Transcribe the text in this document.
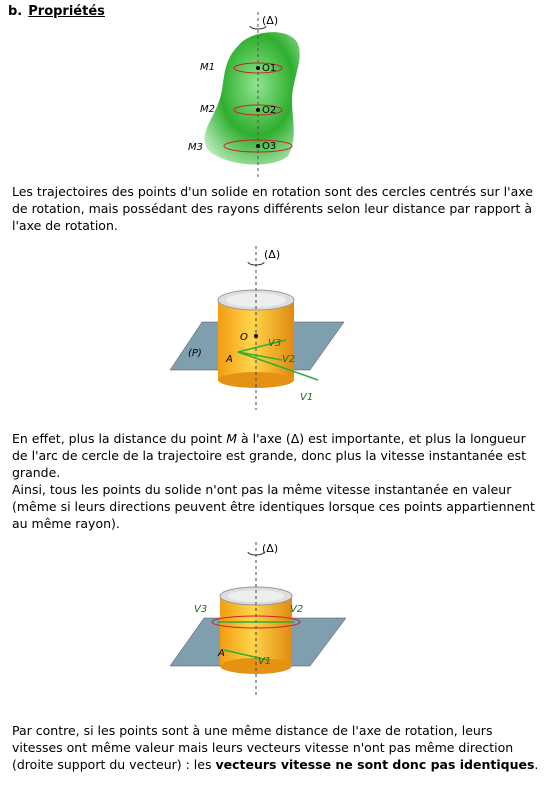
b. Propriétés
(Δ)
M1
M2
M3
O1
O2
O3
Les trajectoires des points d'un solide en rotation sont des cercles centrés sur l'axe de rotation, mais possédant des rayons différents selon leur distance par rapport à l'axe de rotation.
(Δ)
O
A
(P)
V3
V2
V1
En effet, plus la distance du point M à l'axe (Δ) est importante, et plus la longueur de l'arc de cercle de la trajectoire est grande, donc plus la vitesse instantanée est grande.
Ainsi, tous les points du solide n'ont pas la même vitesse instantanée en valeur (même si leurs directions peuvent être identiques lorsque ces points appartiennent au même rayon).
(Δ)
A
V3	V2
V1
Par contre, si les points sont à une même distance de l'axe de rotation, leurs vitesses ont même valeur mais leurs vecteurs vitesse n'ont pas même direction (droite support du vecteur) : les vecteurs vitesse ne sont donc pas identiques.
